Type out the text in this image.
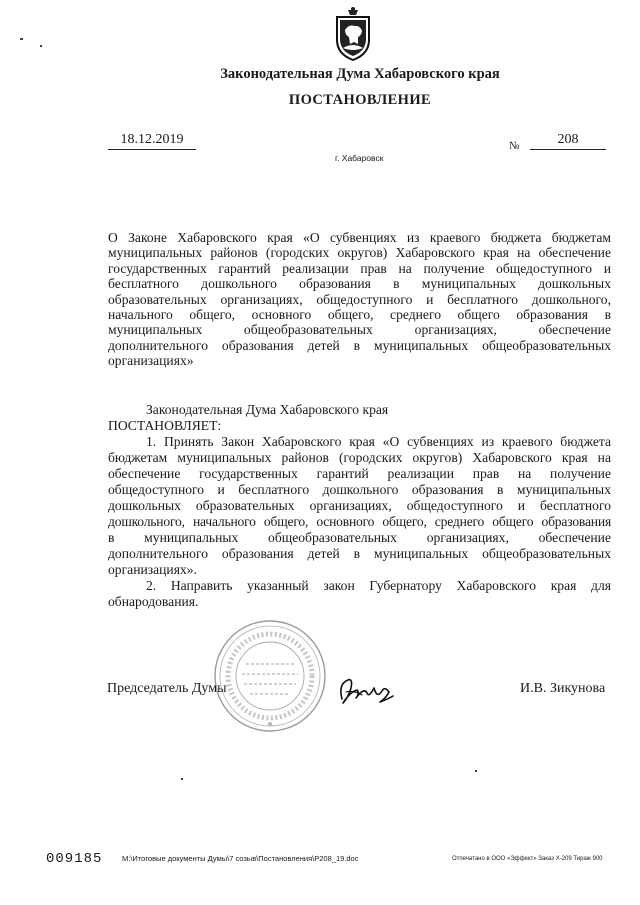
Законодательная Дума Хабаровского края
ПОСТАНОВЛЕНИЕ
18.12.2019	№	208
г. Хабаровск
О Законе Хабаровского края «О субвенциях из краевого бюджета бюджетам
муниципальных районов (городских округов) Хабаровского края на обеспечение
государственных гарантий реализации прав на получение общедоступного и
бесплатного дошкольного образования в муниципальных дошкольных
образовательных организациях, общедоступного и бесплатного дошкольного,
начального общего, основного общего, среднего общего образования в
муниципальных общеобразовательных организациях, обеспечение
дополнительного образования детей в муниципальных общеобразовательных
организациях»
Законодательная Дума Хабаровского края
ПОСТАНОВЛЯЕТ:
1. Принять Закон Хабаровского края «О субвенциях из краевого бюджета
бюджетам муниципальных районов (городских округов) Хабаровского края на
обеспечение государственных гарантий реализации прав на получение
общедоступного и бесплатного дошкольного образования в муниципальных
дошкольных образовательных организациях, общедоступного и бесплатного
дошкольного, начального общего, основного общего, среднего общего образования
в муниципальных общеобразовательных организациях, обеспечение
дополнительного образования детей в муниципальных общеобразовательных
организациях».
2. Направить указанный закон Губернатору Хабаровского края для
обнародования.
Председатель Думы	И.В. Зикунова
009185	M:\Итоговые документы Думы\7 созыв\Постановления\P208_19.doc	Отпечатано в ООО «Эффект» Заказ Х-209 Тираж 900
